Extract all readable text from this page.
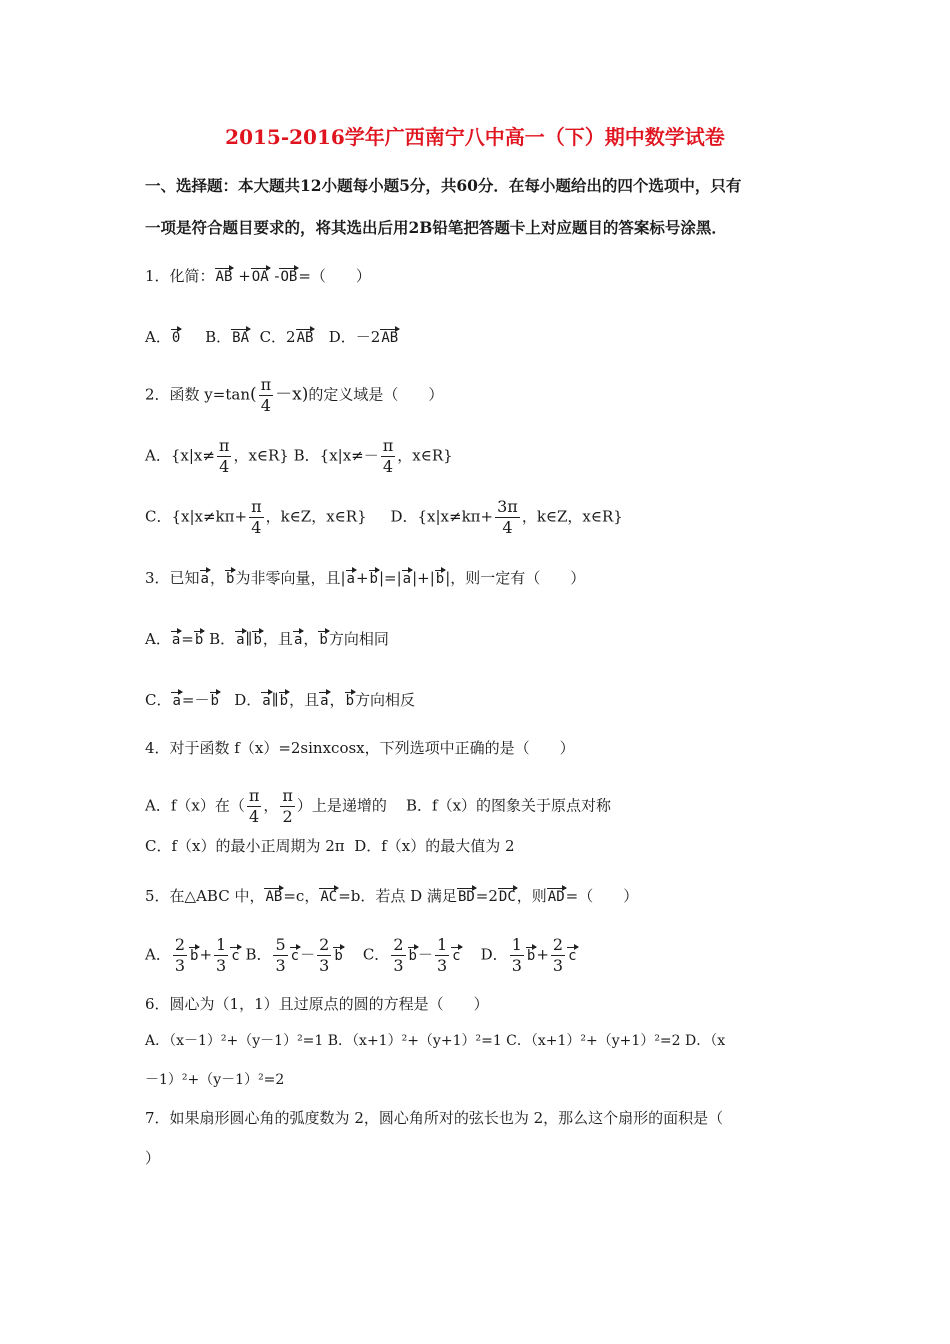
2015-2016学年广西南宁八中高一（下）期中数学试卷
一、选择题：本大题共12小题每小题5分，共60分．在每小题给出的四个选项中，只有
一项是符合题目要求的，将其选出后用2B铅笔把答题卡上对应题目的答案标号涂黑．
1．化简：AB +OA -OB=（　　）
A．0 B．BA C．2AB D．－2AB
2．函数 $y=\tan( \frac{\pi}{4} -x)$的定义域是（　　）
A．{$x|x\ne \frac{\pi}{4}$ ，x∈R} B．{$x|x\ne- \frac{\pi}{4}$ ，x∈R}
C．{$x|x\ne k\pi+ \frac{\pi}{4}$ ，k∈Z，x∈R} D．{$x|x\ne k\pi+ \frac{3\pi}{4}$ ，k∈Z，x∈R}
3．已知a，b为非零向量，且|a+b|=|a|+|b|，则一定有（　　）
A．a=b B．a∥b，且a，b方向相同
C．a=－b D．a∥b，且a，b方向相反
4．对于函数 f（x）=2sinxcosx，下列选项中正确的是（　　）
A．f（x）在（ $\frac{\pi}{4}$ ， $\frac{\pi}{2}$ ）上是递增的 B．f（x）的图象关于原点对称
C．f（x）的最小正周期为 2π D．f（x）的最大值为 2
5．在△ABC 中，AB=c，AC=b．若点 D 满足BD=2DC，则AD=（　　）
A． $\frac{2}{3} b+ \frac{1}{3}$ c B． $\frac{5}{3} c- \frac{2}{3}$ b C． $\frac{2}{3} b- \frac{1}{3}$ c D． $\frac{1}{3} b+ \frac{2}{3}$ c
6．圆心为（1，1）且过原点的圆的方程是（　　）
A．（x－1）²+（y－1）²=1 B．（x+1）²+（y+1）²=1 C．（x+1）²+（y+1）²=2 D．（x
－1）²+（y－1）²=2
7．如果扇形圆心角的弧度数为 2，圆心角所对的弦长也为 2，那么这个扇形的面积是（
）
